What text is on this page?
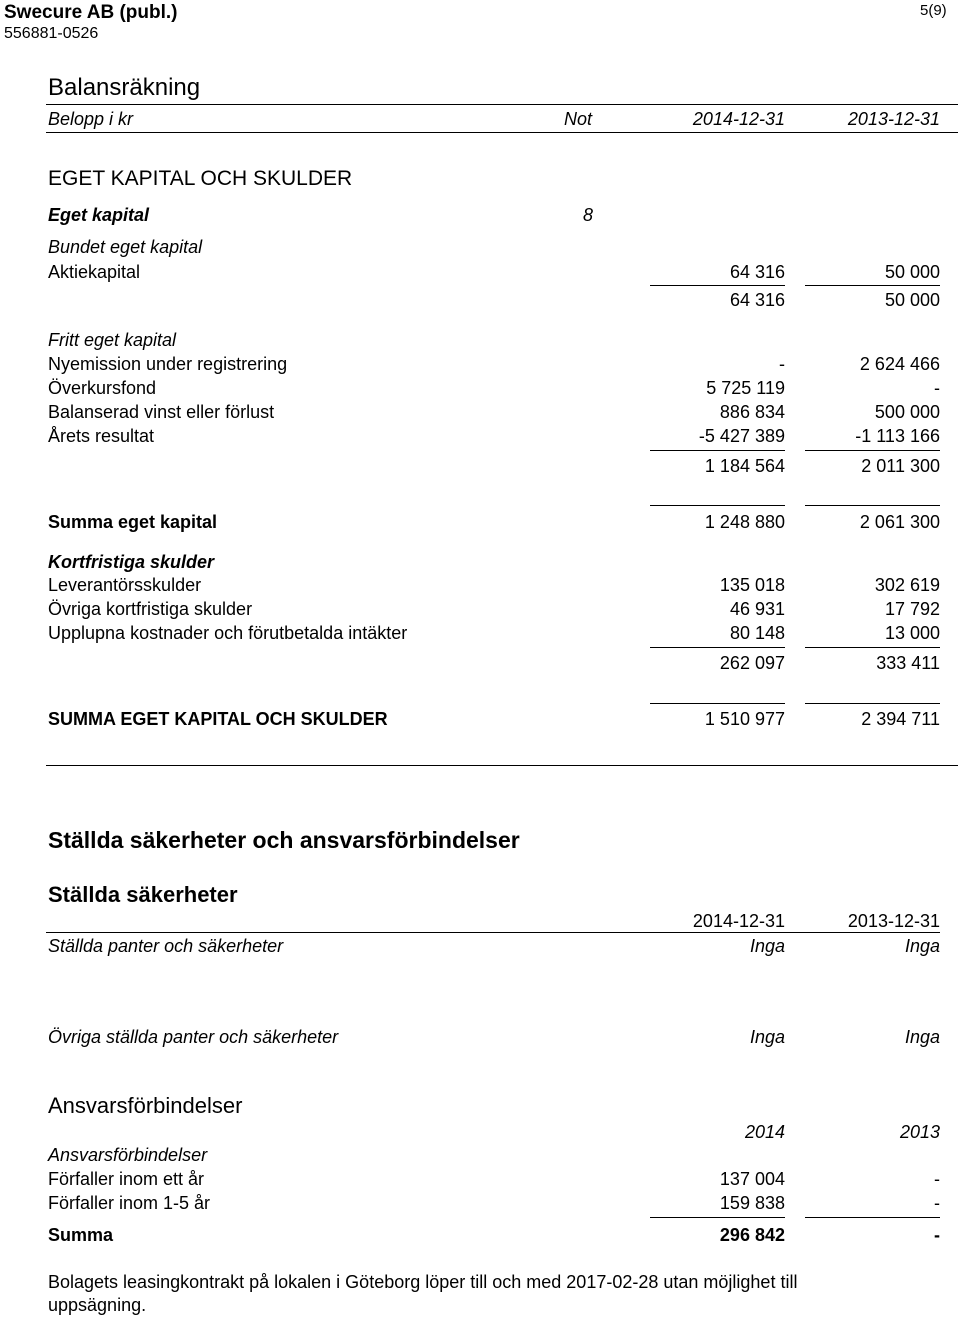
Swecure AB (publ.)
556881-0526
5(9)
Balansräkning
Belopp i kr	Not	2014-12-31	2013-12-31
EGET KAPITAL OCH SKULDER
Eget kapital	8
Bundet eget kapital
Aktiekapital	64 316	50 000
64 316	50 000
Fritt eget kapital
Nyemission under registrering	-	2 624 466
Överkursfond	5 725 119	-
Balanserad vinst eller förlust	886 834	500 000
Årets resultat	-5 427 389	-1 113 166
1 184 564	2 011 300
Summa eget kapital	1 248 880	2 061 300
Kortfristiga skulder
Leverantörsskulder	135 018	302 619
Övriga kortfristiga skulder	46 931	17 792
Upplupna kostnader och förutbetalda intäkter	80 148	13 000
262 097	333 411
SUMMA EGET KAPITAL OCH SKULDER	1 510 977	2 394 711
Ställda säkerheter och ansvarsförbindelser
Ställda säkerheter
2014-12-31	2013-12-31
Ställda panter och säkerheter	Inga	Inga
Övriga ställda panter och säkerheter	Inga	Inga
Ansvarsförbindelser
2014	2013
Ansvarsförbindelser
Förfaller inom ett år	137 004	-
Förfaller inom 1-5 år	159 838	-
Summa	296 842	-
Bolagets leasingkontrakt på lokalen i Göteborg löper till och med 2017-02-28 utan möjlighet till
uppsägning.
